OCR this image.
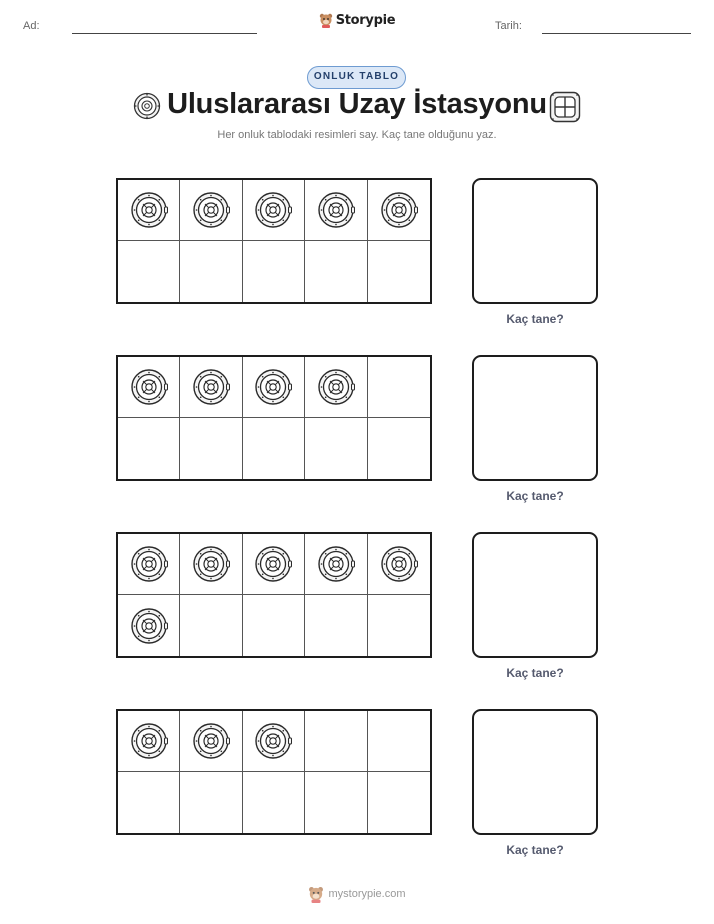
Ad:	Storypie	Tarih:
ONLUK TABLO
Uluslararası Uzay İstasyonu
Her onluk tablodaki resimleri say. Kaç tane olduğunu yaz.
Kaç tane?
Kaç tane?
Kaç tane?
Kaç tane?
mystorypie.com
